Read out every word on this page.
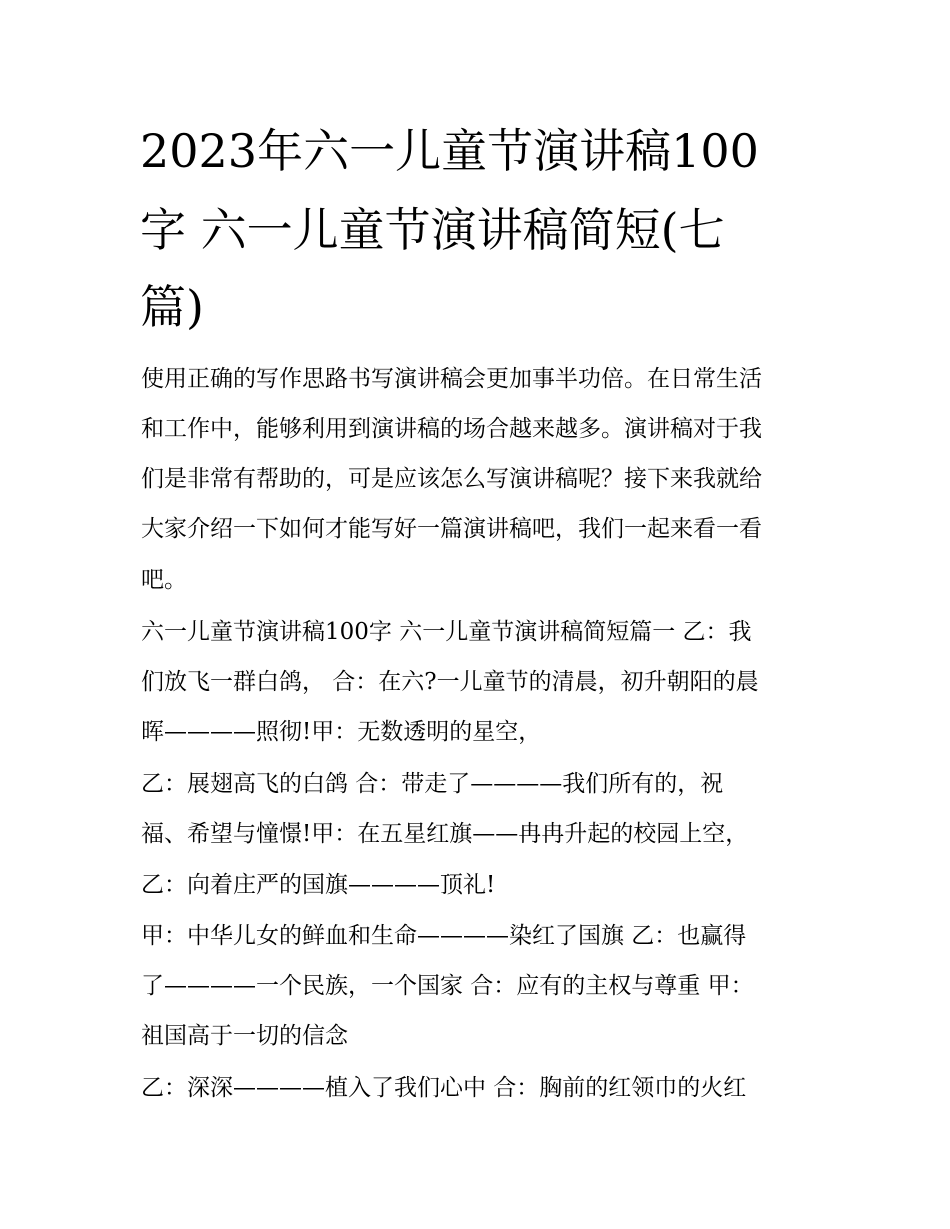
2023年六一儿童节演讲稿100
字 六一儿童节演讲稿简短(七
篇)
使用正确的写作思路书写演讲稿会更加事半功倍。在日常生活
和工作中，能够利用到演讲稿的场合越来越多。演讲稿对于我
们是非常有帮助的，可是应该怎么写演讲稿呢？接下来我就给
大家介绍一下如何才能写好一篇演讲稿吧，我们一起来看一看
吧。
六一儿童节演讲稿100字 六一儿童节演讲稿简短篇一 乙：我
们放飞一群白鸽， 合：在六?一儿童节的清晨，初升朝阳的晨
晖————照彻!甲：无数透明的星空，
乙：展翅高飞的白鸽 合：带走了————我们所有的，祝
福、希望与憧憬!甲：在五星红旗——冉冉升起的校园上空，
乙：向着庄严的国旗————顶礼!
甲：中华儿女的鲜血和生命————染红了国旗 乙：也赢得
了————一个民族，一个国家 合：应有的主权与尊重 甲：
祖国高于一切的信念
乙：深深————植入了我们心中 合：胸前的红领巾的火红
